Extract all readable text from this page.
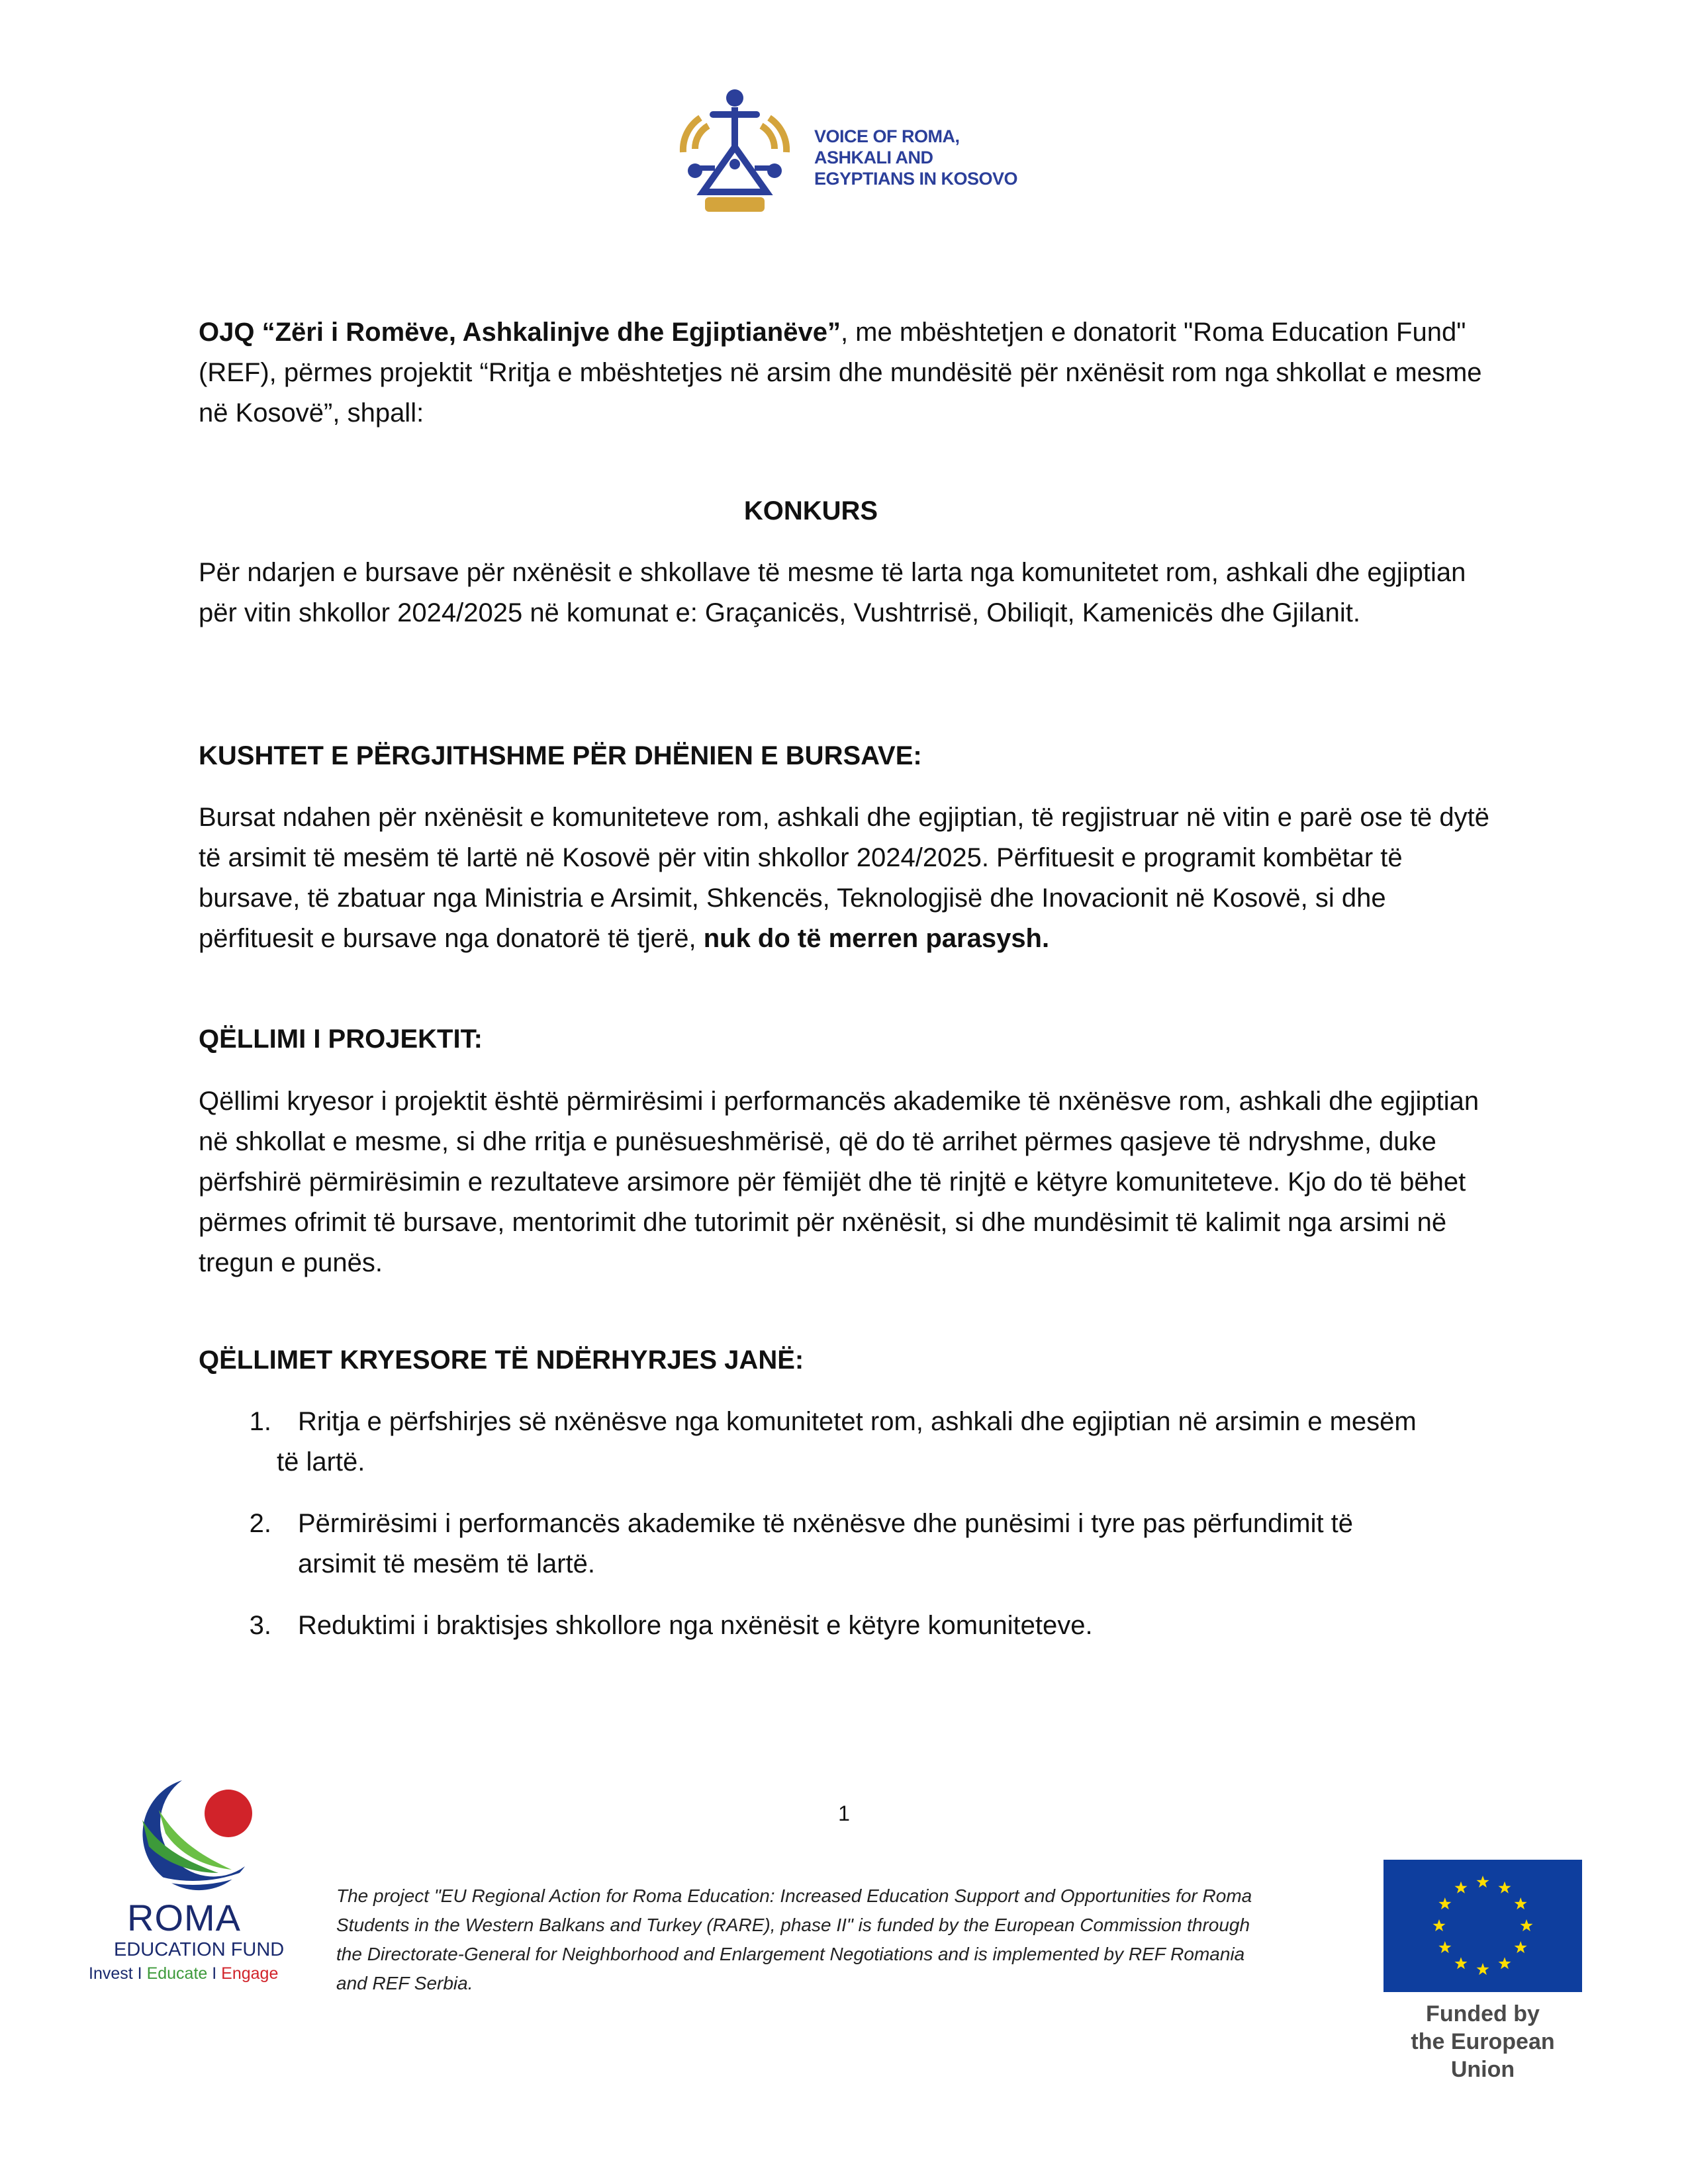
VOICE OF ROMA,
ASHKALI AND
EGYPTIANS IN KOSOVO
OJQ “Zëri i Romëve, Ashkalinjve dhe Egjiptianëve”, me mbështetjen e donatorit "Roma Education Fund" (REF), përmes projektit “Rritja e mbështetjes në arsim dhe mundësitë për nxënësit rom nga shkollat e mesme në Kosovë”, shpall:
KONKURS
Për ndarjen e bursave për nxënësit e shkollave të mesme të larta nga komunitetet rom, ashkali dhe egjiptian për vitin shkollor 2024/2025 në komunat e: Graçanicës, Vushtrrisë, Obiliqit, Kamenicës dhe Gjilanit.
KUSHTET E PËRGJITHSHME PËR DHËNIEN E BURSAVE:
Bursat ndahen për nxënësit e komuniteteve rom, ashkali dhe egjiptian, të regjistruar në vitin e parë ose të dytë të arsimit të mesëm të lartë në Kosovë për vitin shkollor 2024/2025. Përfituesit e programit kombëtar të bursave, të zbatuar nga Ministria e Arsimit, Shkencës, Teknologjisë dhe Inovacionit në Kosovë, si dhe përfituesit e bursave nga donatorë të tjerë, nuk do të merren parasysh.
QËLLIMI I PROJEKTIT:
Qëllimi kryesor i projektit është përmirësimi i performancës akademike të nxënësve rom, ashkali dhe egjiptian në shkollat e mesme, si dhe rritja e punësueshmërisë, që do të arrihet përmes qasjeve të ndryshme, duke përfshirë përmirësimin e rezultateve arsimore për fëmijët dhe të rinjtë e këtyre komuniteteve. Kjo do të bëhet përmes ofrimit të bursave, mentorimit dhe tutorimit për nxënësit, si dhe mundësimit të kalimit nga arsimi në tregun e punës.
QËLLIMET KRYESORE TË NDËRHYRJES JANË:
1. Rritja e përfshirjes së nxënësve nga komunitetet rom, ashkali dhe egjiptian në arsimin e mesëm
të lartë.
2. Përmirësimi i performancës akademike të nxënësve dhe punësimi i tyre pas përfundimit të
arsimit të mesëm të lartë.
3. Reduktimi i braktisjes shkollore nga nxënësit e këtyre komuniteteve.
1
ROMA
EDUCATION FUND
Invest I Educate I Engage
The project "EU Regional Action for Roma Education: Increased Education Support and Opportunities for Roma
Students in the Western Balkans and Turkey (RARE), phase II" is funded by the European Commission through
the Directorate-General for Neighborhood and Enlargement Negotiations and is implemented by REF Romania
and REF Serbia.
Funded by
the European Union
